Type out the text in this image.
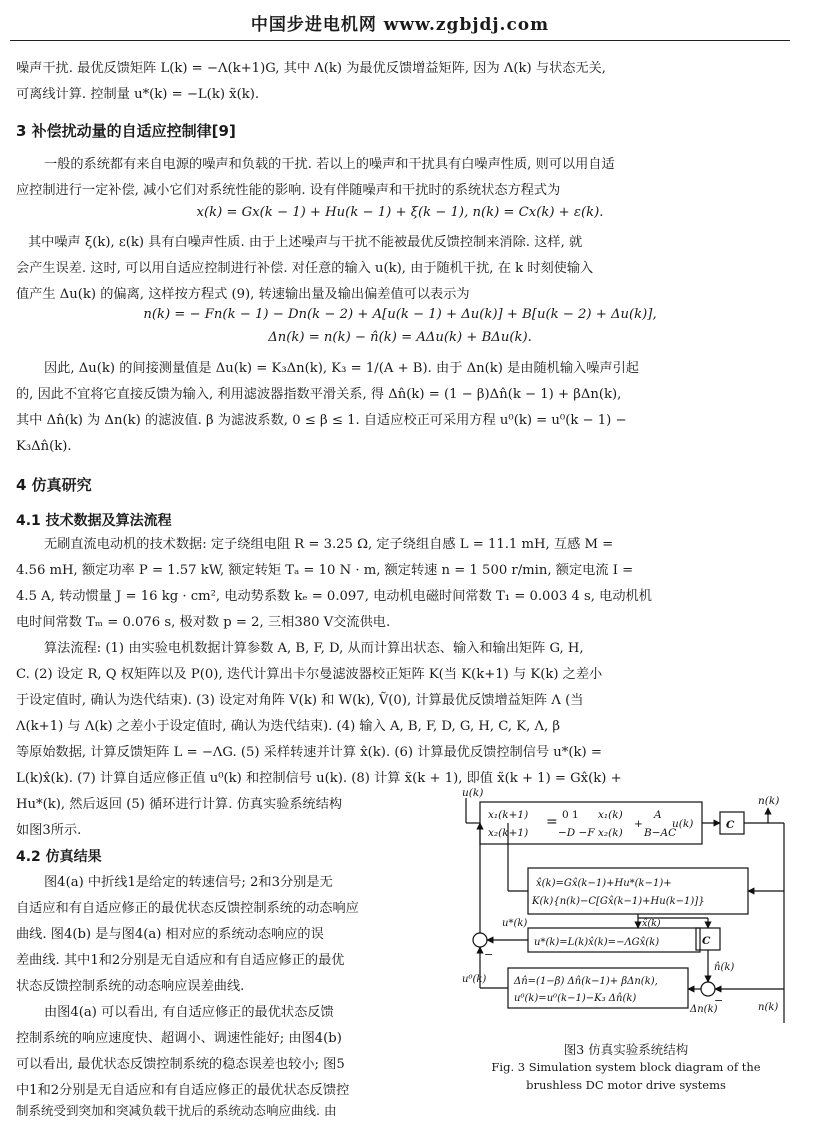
中国步进电机网 www.zgbjdj.com
噪声干扰. 最优反馈矩阵 L(k) = −Λ(k+1)G, 其中 Λ(k) 为最优反馈增益矩阵, 因为 Λ(k) 与状态无关,
可离线计算. 控制量 u*(k) = −L(k) x̃(k).
3 补偿扰动量的自适应控制律[9]
一般的系统都有来自电源的噪声和负载的干扰. 若以上的噪声和干扰具有白噪声性质, 则可以用自适
应控制进行一定补偿, 减小它们对系统性能的影响. 设有伴随噪声和干扰时的系统状态方程式为
x(k) = Gx(k − 1) + Hu(k − 1) + ξ(k − 1), n(k) = Cx(k) + ε(k).
其中噪声 ξ(k), ε(k) 具有白噪声性质. 由于上述噪声与干扰不能被最优反馈控制来消除. 这样, 就
会产生误差. 这时, 可以用自适应控制进行补偿. 对任意的输入 u(k), 由于随机干扰, 在 k 时刻使输入
值产生 Δu(k) 的偏离, 这样按方程式 (9), 转速输出量及输出偏差值可以表示为
n(k) = − Fn(k − 1) − Dn(k − 2) + A[u(k − 1) + Δu(k)] + B[u(k − 2) + Δu(k)],
Δn(k) = n(k) − n̂(k) = AΔu(k) + BΔu(k).
因此, Δu(k) 的间接测量值是 Δu(k) = K₃Δn(k), K₃ = 1/(A + B). 由于 Δn(k) 是由随机输入噪声引起
的, 因此不宜将它直接反馈为输入, 利用滤波器指数平滑关系, 得 Δn̂(k) = (1 − β)Δn̂(k − 1) + βΔn(k),
其中 Δn̂(k) 为 Δn(k) 的滤波值. β 为滤波系数, 0 ≤ β ≤ 1. 自适应校正可采用方程 u⁰(k) = u⁰(k − 1) −
K₃Δn̂(k).
4 仿真研究
4.1 技术数据及算法流程
无刷直流电动机的技术数据: 定子绕组电阻 R = 3.25 Ω, 定子绕组自感 L = 11.1 mH, 互感 M =
4.56 mH, 额定功率 P = 1.57 kW, 额定转矩 Tₐ = 10 N · m, 额定转速 n = 1 500 r/min, 额定电流 I =
4.5 A, 转动惯量 J = 16 kg · cm², 电动势系数 kₑ = 0.097, 电动机电磁时间常数 T₁ = 0.003 4 s, 电动机机
电时间常数 Tₘ = 0.076 s, 极对数 p = 2, 三相380 V交流供电.
算法流程: (1) 由实验电机数据计算参数 A, B, F, D, 从而计算出状态、输入和输出矩阵 G, H,
C. (2) 设定 R, Q 权矩阵以及 P(0), 迭代计算出卡尔曼滤波器校正矩阵 K(当 K(k+1) 与 K(k) 之差小
于设定值时, 确认为迭代结束). (3) 设定对角阵 V(k) 和 W(k), Ṽ(0), 计算最优反馈增益矩阵 Λ (当
Λ(k+1) 与 Λ(k) 之差小于设定值时, 确认为迭代结束). (4) 输入 A, B, F, D, G, H, C, K, Λ, β
等原始数据, 计算反馈矩阵 L = −ΛG. (5) 采样转速并计算 x̂(k). (6) 计算最优反馈控制信号 u*(k) =
L(k)x̂(k). (7) 计算自适应修正值 u⁰(k) 和控制信号 u(k). (8) 计算 x̃(k + 1), 即值 x̃(k + 1) = Gx̂(k) +
Hu*(k), 然后返回 (5) 循环进行计算. 仿真实验系统结构
如图3所示.
4.2 仿真结果
图4(a) 中折线1是给定的转速信号; 2和3分别是无
自适应和有自适应修正的最优状态反馈控制系统的动态响应
曲线. 图4(b) 是与图4(a) 相对应的系统动态响应的误
差曲线. 其中1和2分别是无自适应和有自适应修正的最优
状态反馈控制系统的动态响应误差曲线.
由图4(a) 可以看出, 有自适应修正的最优状态反馈
控制系统的响应速度快、超调小、调速性能好; 由图4(b)
可以看出, 最优状态反馈控制系统的稳态误差也较小; 图5
中1和2分别是无自适应和有自适应修正的最优状态反馈控
制系统受到突加和突减负载干扰后的系统动态响应曲线. 由
u(k)
x₁(k+1)
x₂(k+1)
= 0 1
−D −F
x₁(k)
x₂(k)
+
A
B−AC
u(k)	C
n(k)
x̂(k)=Gx̂(k−1)+Hu*(k−1)+
K(k){n(k)−C[Gx̂(k−1)+Hu(k−1)]}
x̂(k)
u*(k)=L(k)x̂(k)=−ΛGx̂(k)
u*(k)
C
n̂(k)
Δn̂=(1−β) Δn̂(k−1)+ βΔn(k),
u⁰(k)=u⁰(k−1)−K₃ Δn̂(k)
u⁰(k)
Δn(k)	n(k)
−
−
图3 仿真实验系统结构
Fig. 3 Simulation system block diagram of the
brushless DC motor drive systems
